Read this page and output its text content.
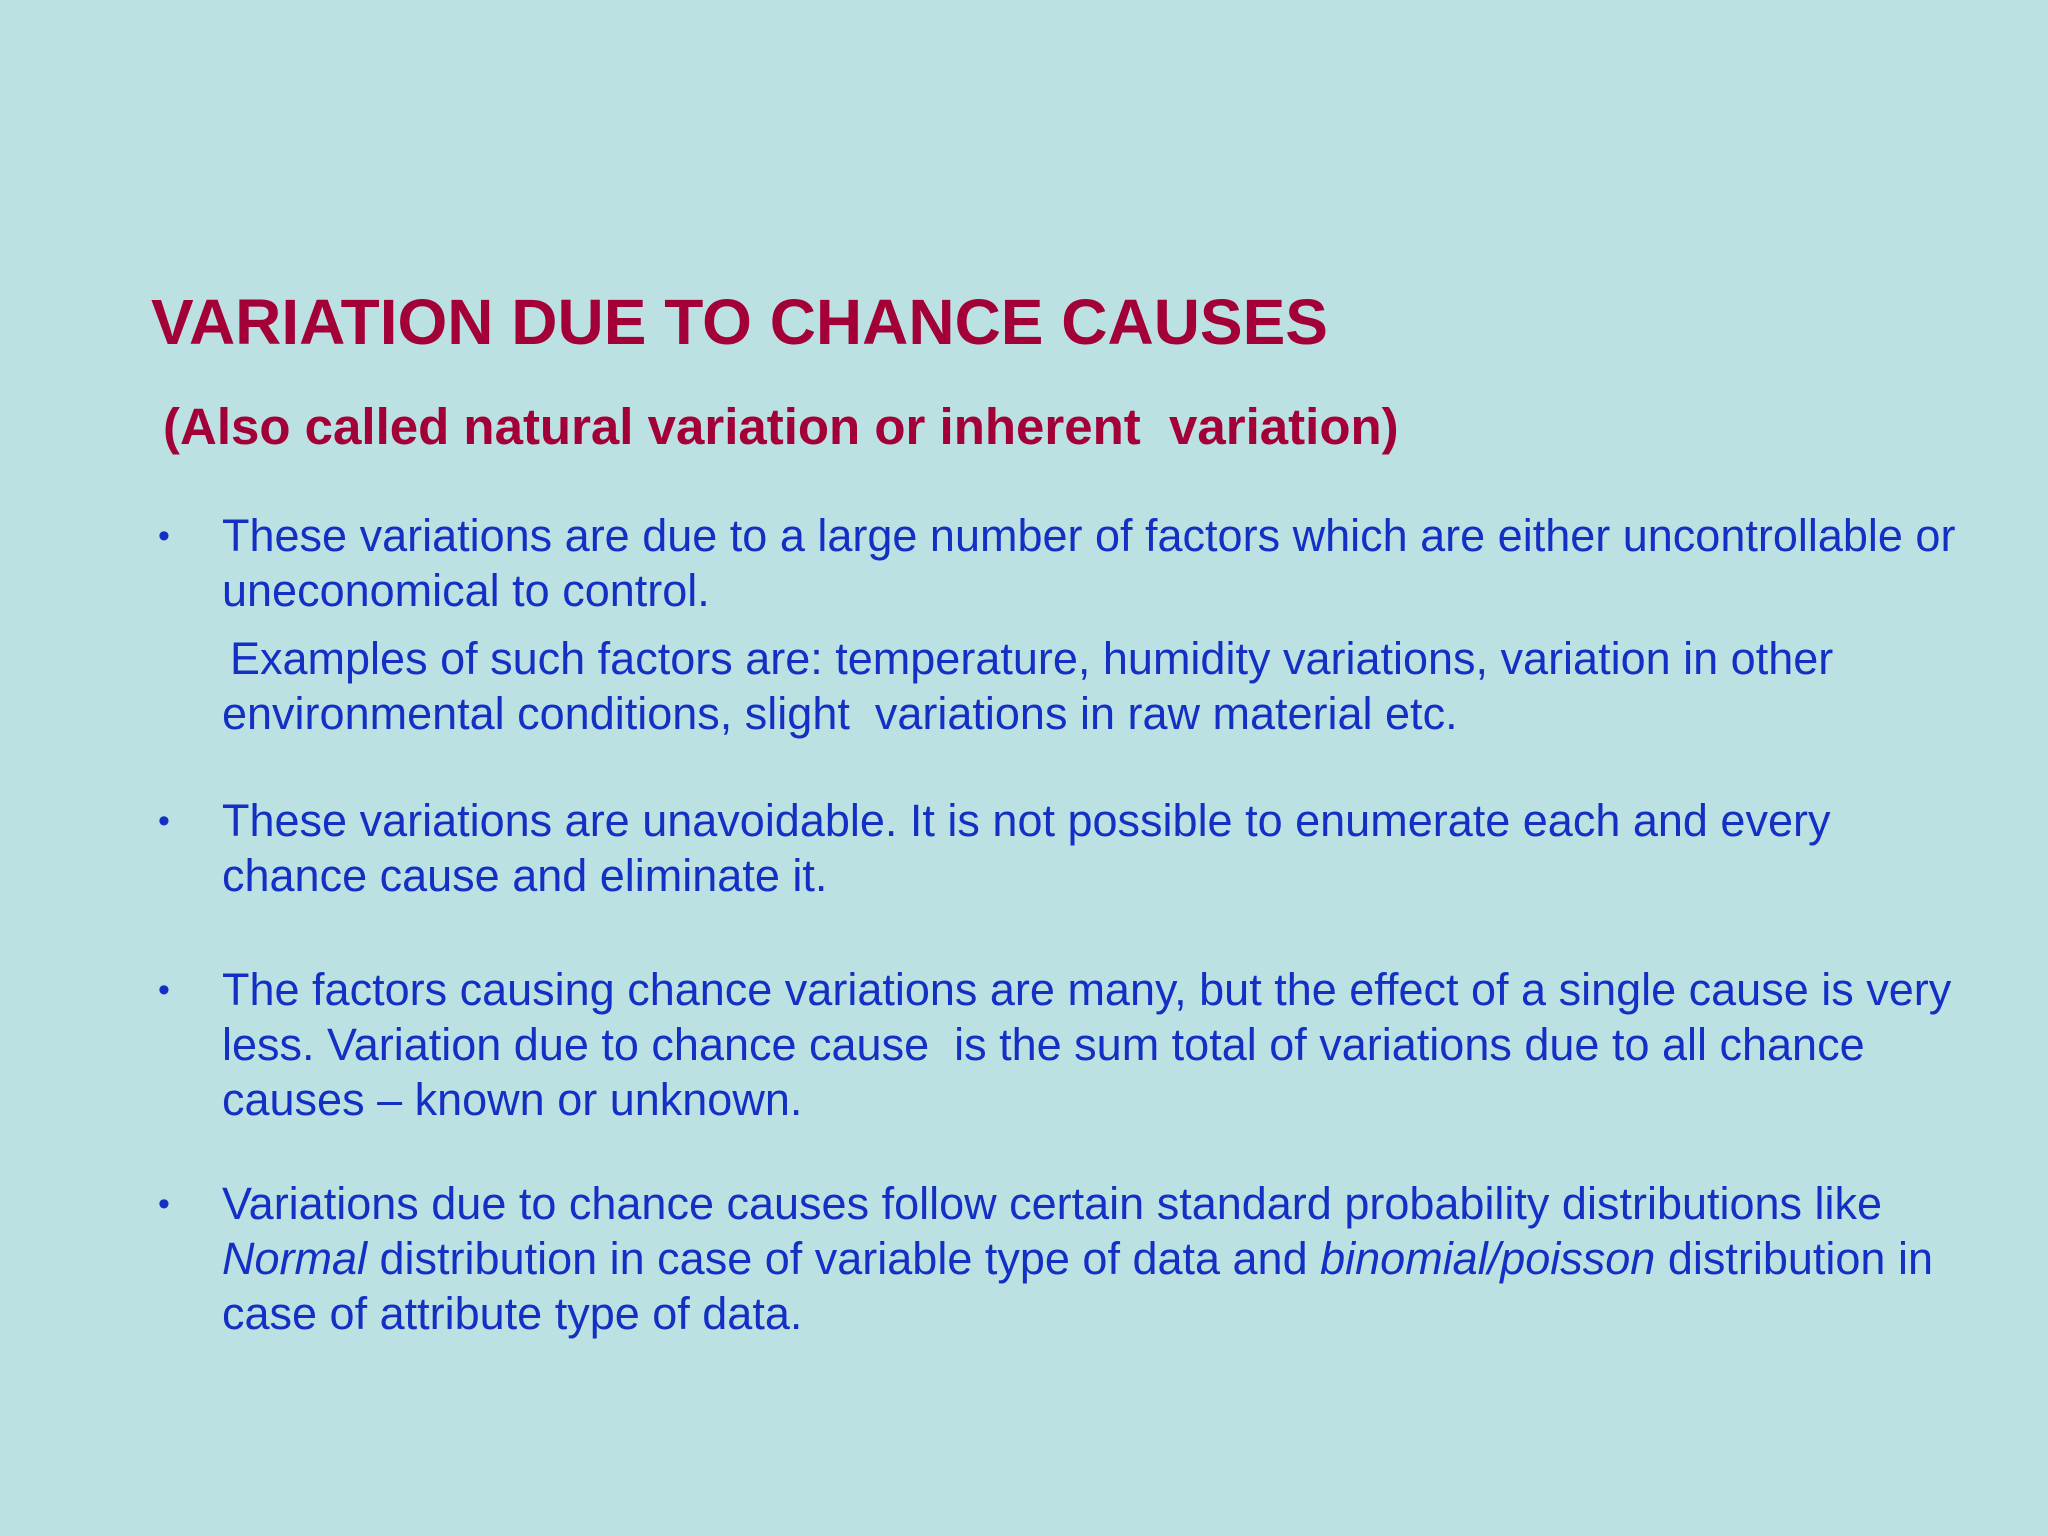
VARIATION DUE TO CHANCE CAUSES
(Also called natural variation or inherent  variation)
• These variations are due to a large number of factors which are either uncontrollable or uneconomical to control.

Examples of such factors are: temperature, humidity variations, variation in other environmental conditions, slight  variations in raw material etc.

• These variations are unavoidable. It is not possible to enumerate each and every chance cause and eliminate it.

• The factors causing chance variations are many, but the effect of a single cause is very  less. Variation due to chance cause  is the sum total of variations due to all chance causes – known or unknown.

• Variations due to chance causes follow certain standard probability distributions like  Normal distribution in case of variable type of data and binomial/poisson distribution in case of attribute type of data.
